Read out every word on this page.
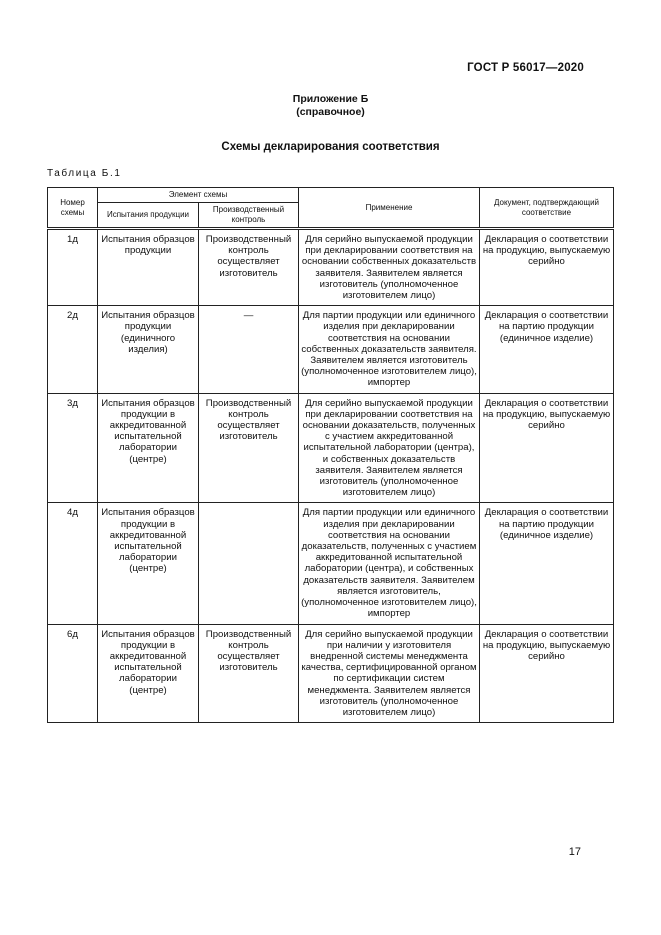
ГОСТ Р 56017—2020
Приложение Б
(справочное)
Схемы декларирования соответствия
Таблица Б.1
Номер схемы	Элемент схемы		Применение	Документ, подтверждающий соответствие
	Испытания продукции	Производственный контроль		
1д	Испытания образцов продукции	Производственный контроль осуществляет изготовитель	Для серийно выпускаемой продукции при декларировании соответствия на основании собственных доказательств заявителя. Заявителем является изготовитель (уполномоченное изготовителем лицо)	Декларация о соответствии на продукцию, выпускаемую серийно
2д	Испытания образцов продукции (единичного изделия)	—	Для партии продукции или единичного изделия при декларировании соответствия на основании собственных доказательств заявителя. Заявителем является изготовитель (уполномоченное изготовителем лицо), импортер	Декларация о соответствии на партию продукции (единичное изделие)
3д	Испытания образцов продукции в аккредитованной испытательной лаборатории (центре)	Производственный контроль осуществляет изготовитель	Для серийно выпускаемой продукции при декларировании соответствия на основании доказательств, полученных с участием аккредитованной испытательной лаборатории (центра), и собственных доказательств заявителя. Заявителем является изготовитель (уполномоченное изготовителем лицо)	Декларация о соответствии на продукцию, выпускаемую серийно
4д	Испытания образцов продукции в аккредитованной испытательной лаборатории (центре)		Для партии продукции или единичного изделия при декларировании соответствия на основании доказательств, полученных с участием аккредитованной испытательной лаборатории (центра), и собственных доказательств заявителя. Заявителем является изготовитель, (уполномоченное изготовителем лицо), импортер	Декларация о соответствии на партию продукции (единичное изделие)
6д	Испытания образцов продукции в аккредитованной испытательной лаборатории (центре)	Производственный контроль осуществляет изготовитель	Для серийно выпускаемой продукции при наличии у изготовителя внедренной системы менеджмента качества, сертифицированной органом по сертификации систем менеджмента. Заявителем является изготовитель (уполномоченное изготовителем лицо)	Декларация о соответствии на продукцию, выпускаемую серийно
17
